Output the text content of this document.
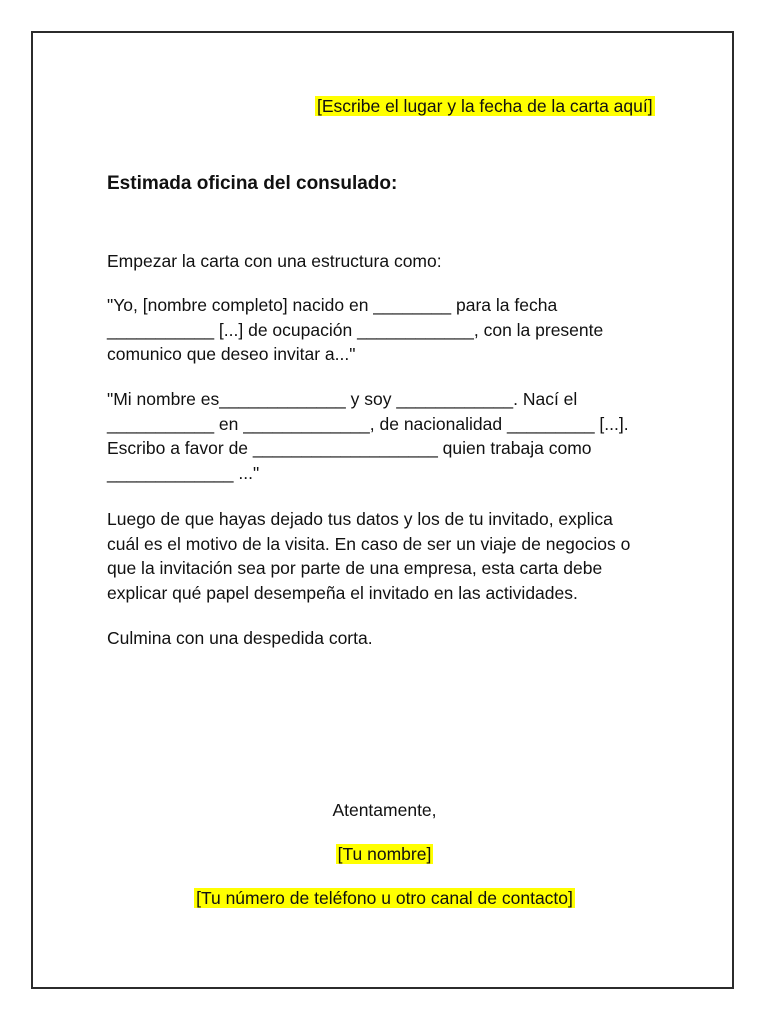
[Escribe el lugar y la fecha de la carta aquí]
Estimada oficina del consulado:
Empezar la carta con una estructura como:
"Yo, [nombre completo] nacido en ________ para la fecha
___________ [...] de ocupación ____________, con la presente
comunico que deseo invitar a..."
"Mi nombre es_____________ y soy ____________. Nací el
___________ en _____________, de nacionalidad _________ [...].
Escribo a favor de ___________________ quien trabaja como
_____________ ..."
Luego de que hayas dejado tus datos y los de tu invitado, explica
cuál es el motivo de la visita. En caso de ser un viaje de negocios o
que la invitación sea por parte de una empresa, esta carta debe
explicar qué papel desempeña el invitado en las actividades.
Culmina con una despedida corta.
Atentamente,
[Tu nombre]
[Tu número de teléfono u otro canal de contacto]
